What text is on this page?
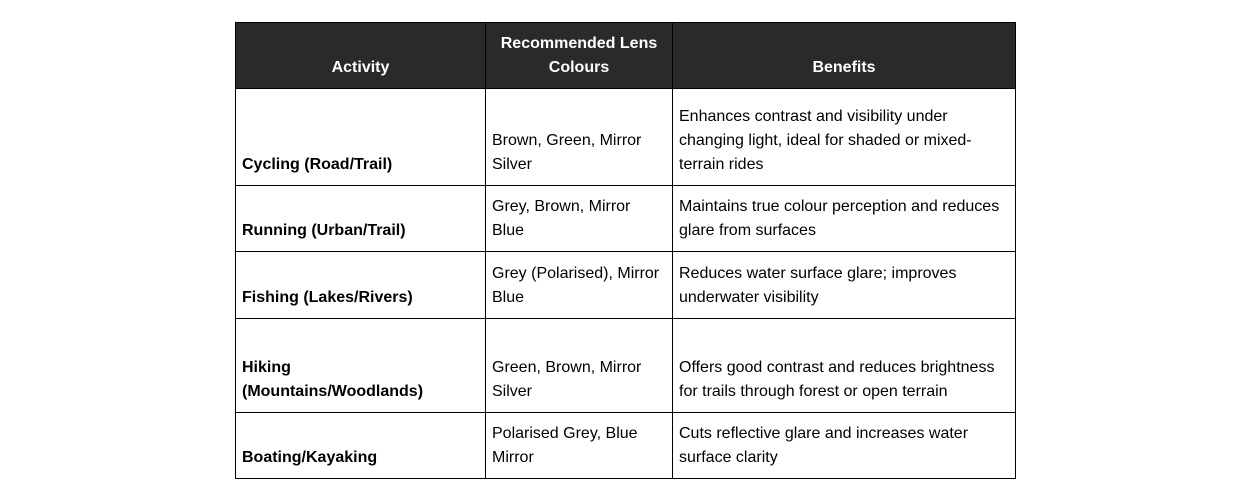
Activity	Recommended Lens Colours	Benefits
Cycling (Road/Trail)	Brown, Green, Mirror Silver	Enhances contrast and visibility under changing light, ideal for shaded or mixed-terrain rides
Running (Urban/Trail)	Grey, Brown, Mirror Blue	Maintains true colour perception and reduces glare from surfaces
Fishing (Lakes/Rivers)	Grey (Polarised), Mirror Blue	Reduces water surface glare; improves underwater visibility
Hiking (Mountains/Woodlands)	Green, Brown, Mirror Silver	Offers good contrast and reduces brightness for trails through forest or open terrain
Boating/Kayaking	Polarised Grey, Blue Mirror	Cuts reflective glare and increases water surface clarity
